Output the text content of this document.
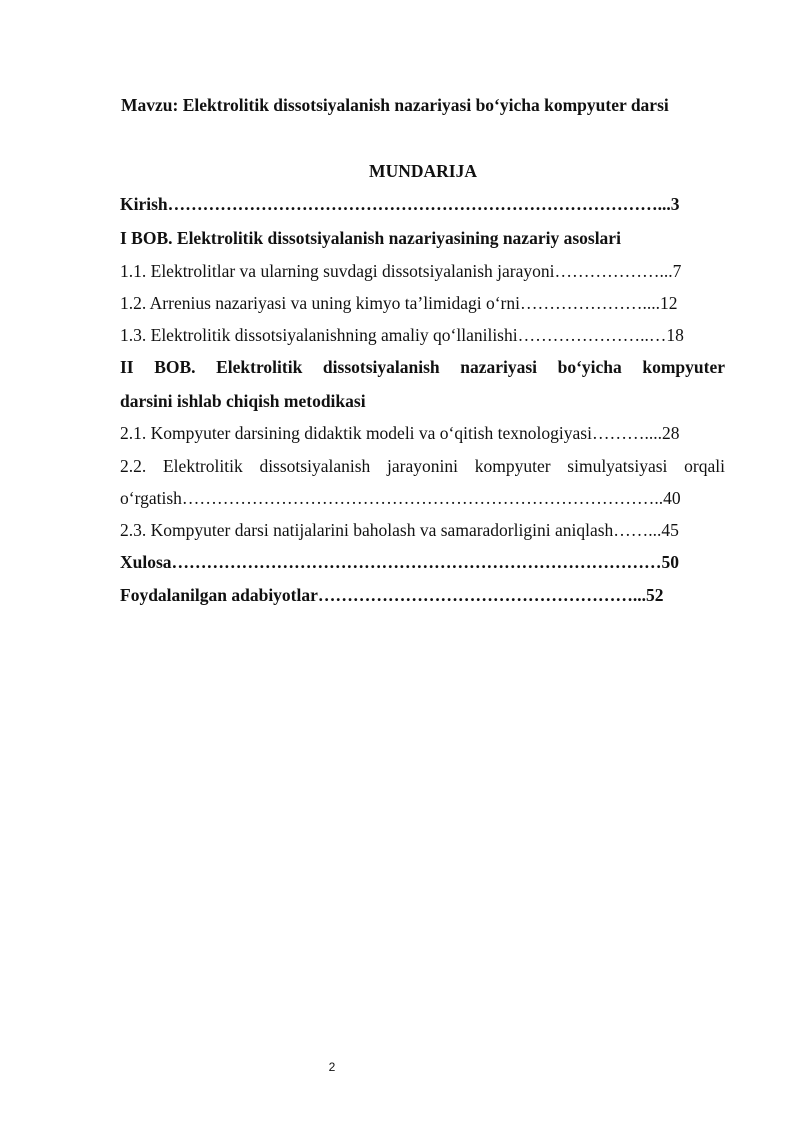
Mavzu: Elektrolitik dissotsiyalanish nazariyasi bo‘yicha kompyuter darsi
MUNDARIJA
Kirish…………………………………………………………………………...3
I BOB. Elektrolitik dissotsiyalanish nazariyasining nazariy asoslari
1.1. Elektrolitlar va ularning suvdagi dissotsiyalanish jarayoni………………...7
1.2. Arrenius nazariyasi va uning kimyo ta’limidagi o‘rni…………………....12
1.3. Elektrolitik dissotsiyalanishning amaliy qo‘llanilishi…………………..…18
II BOB. Elektrolitik dissotsiyalanish nazariyasi bo‘yicha kompyuter
darsini ishlab chiqish metodikasi
2.1. Kompyuter darsining didaktik modeli va o‘qitish texnologiyasi………....28
2.2. Elektrolitik dissotsiyalanish jarayonini kompyuter simulyatsiyasi orqali
o‘rgatish………………………………………………………………………..40
2.3. Kompyuter darsi natijalarini baholash va samaradorligini aniqlash……...45
Xulosa…………………………………………………………………………50
Foydalanilgan adabiyotlar………………………………………………...52
2
